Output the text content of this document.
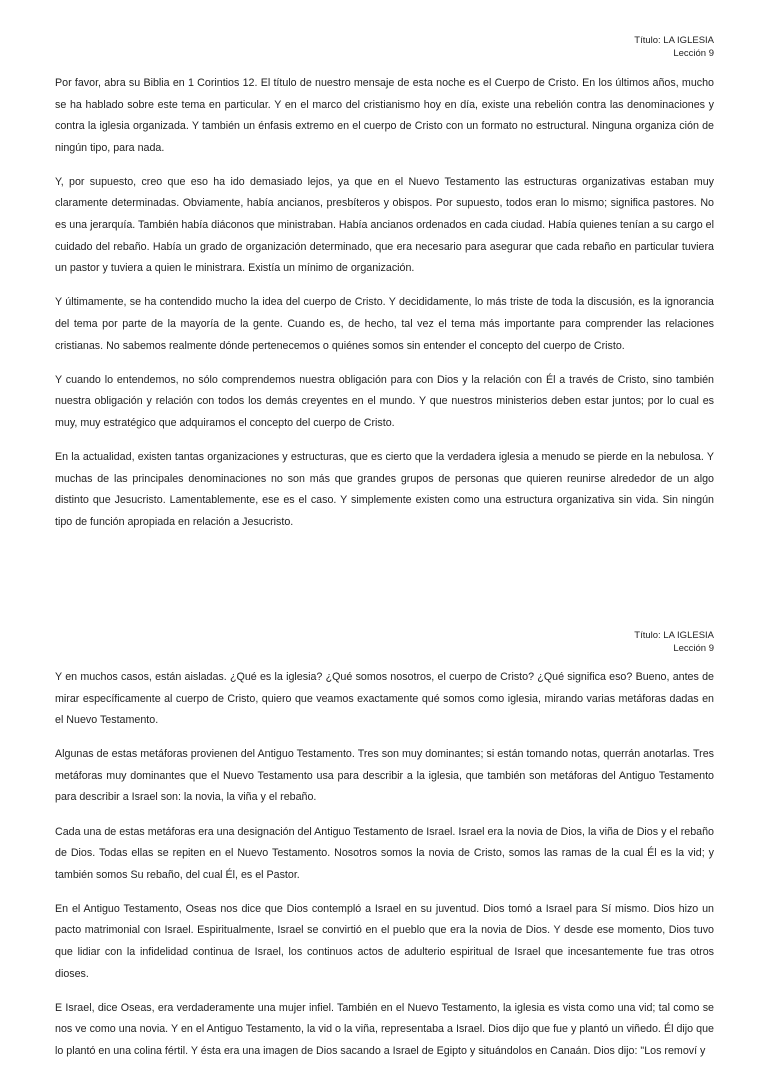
Título: LA IGLESIA
Lección 9

Por favor, abra su Biblia en 1 Corintios 12. El título de nuestro mensaje de esta noche es el Cuerpo de Cristo. En los últimos años, mucho se ha hablado sobre este tema en particular. Y en el marco del cristianismo hoy en día, existe una rebelión contra las denominaciones y contra la iglesia organizada. Y también un énfasis extremo en el cuerpo de Cristo con un formato no estructural. Ninguna organiza ción de ningún tipo, para nada.

Y, por supuesto, creo que eso ha ido demasiado lejos, ya que en el Nuevo Testamento las estructuras organizativas estaban muy claramente determinadas. Obviamente, había ancianos, presbíteros y obispos. Por supuesto, todos eran lo mismo; significa pastores. No es una jerarquía. También había diáconos que ministraban. Había ancianos ordenados en cada ciudad. Había quienes tenían a su cargo el cuidado del rebaño. Había un grado de organización determinado, que era necesario para asegurar que cada rebaño en particular tuviera un pastor y tuviera a quien le ministrara. Existía un mínimo de organización.

Y últimamente, se ha contendido mucho la idea del cuerpo de Cristo. Y decididamente, lo más triste de toda la discusión, es la ignorancia del tema por parte de la mayoría de la gente. Cuando es, de hecho, tal vez el tema más importante para comprender las relaciones cristianas. No sabemos realmente dónde pertenecemos o quiénes somos sin entender el concepto del cuerpo de Cristo.

Y cuando lo entendemos, no sólo comprendemos nuestra obligación para con Dios y la relación con Él a través de Cristo, sino también nuestra obligación y relación con todos los demás creyentes en el mundo. Y que nuestros ministerios deben estar juntos; por lo cual es muy, muy estratégico que adquiramos el concepto del cuerpo de Cristo.

En la actualidad, existen tantas organizaciones y estructuras, que es cierto que la verdadera iglesia a menudo se pierde en la nebulosa. Y muchas de las principales denominaciones no son más que grandes grupos de personas que quieren reunirse alrededor de un algo distinto que Jesucristo. Lamentablemente, ese es el caso. Y simplemente existen como una estructura organizativa sin vida. Sin ningún tipo de función apropiada en relación a Jesucristo.

Título: LA IGLESIA
Lección 9

Y en muchos casos, están aisladas. ¿Qué es la iglesia? ¿Qué somos nosotros, el cuerpo de Cristo? ¿Qué significa eso? Bueno, antes de mirar específicamente al cuerpo de Cristo, quiero que veamos exactamente qué somos como iglesia, mirando varias metáforas dadas en el Nuevo Testamento.

Algunas de estas metáforas provienen del Antiguo Testamento. Tres son muy dominantes; si están tomando notas, querrán anotarlas. Tres metáforas muy dominantes que el Nuevo Testamento usa para describir a la iglesia, que también son metáforas del Antiguo Testamento para describir a Israel son: la novia, la viña y el rebaño.

Cada una de estas metáforas era una designación del Antiguo Testamento de Israel. Israel era la novia de Dios, la viña de Dios y el rebaño de Dios. Todas ellas se repiten en el Nuevo Testamento. Nosotros somos la novia de Cristo, somos las ramas de la cual Él es la vid; y también somos Su rebaño, del cual Él, es el Pastor.

En el Antiguo Testamento, Oseas nos dice que Dios contempló a Israel en su juventud. Dios tomó a Israel para Sí mismo. Dios hizo un pacto matrimonial con Israel. Espiritualmente, Israel se convirtió en el pueblo que era la novia de Dios. Y desde ese momento, Dios tuvo que lidiar con la infidelidad continua de Israel, los continuos actos de adulterio espiritual de Israel que incesantemente fue tras otros dioses.

E Israel, dice Oseas, era verdaderamente una mujer infiel. También en el Nuevo Testamento, la iglesia es vista como una vid; tal como se nos ve como una novia. Y en el Antiguo Testamento, la vid o la viña, representaba a Israel. Dios dijo que fue y plantó un viñedo. Él dijo que lo plantó en una colina fértil. Y ésta era una imagen de Dios sacando a Israel de Egipto y situándolos en Canaán. Dios dijo: "Los removí y
